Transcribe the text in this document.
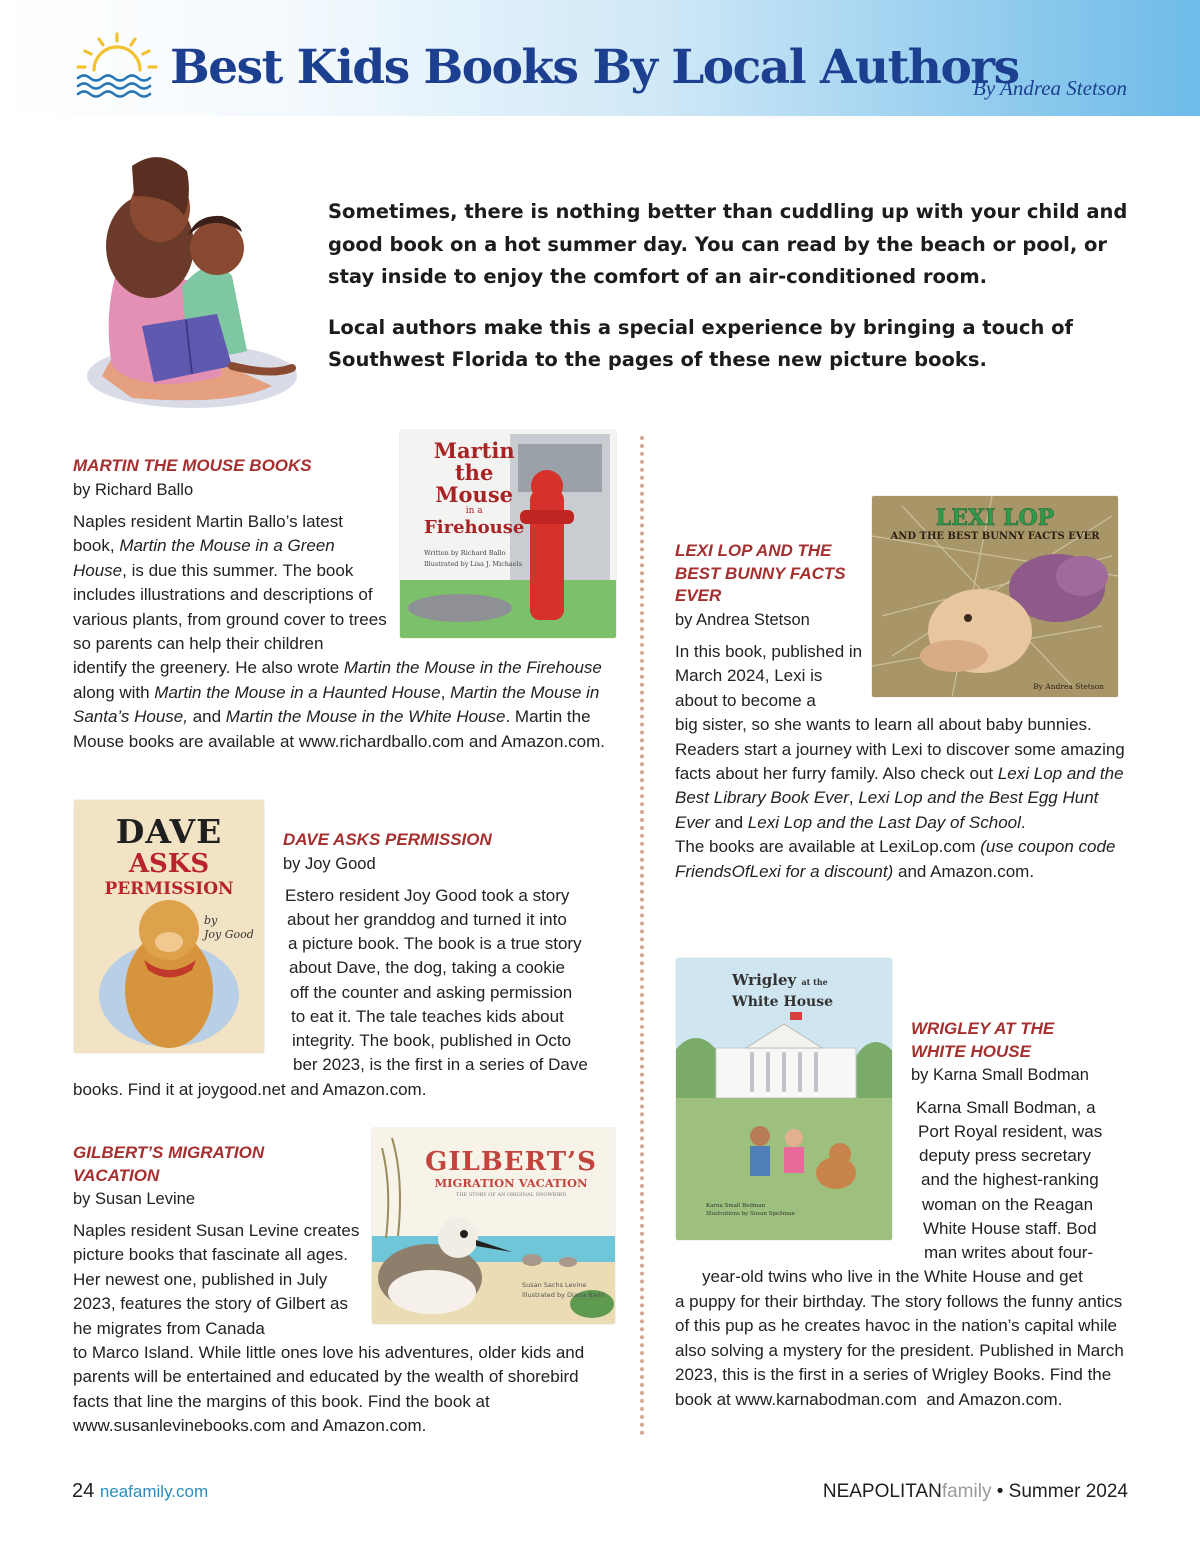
Best Kids Books By Local Authors
By Andrea Stetson

Sometimes, there is nothing better than cuddling up with your child and good book on a hot summer day. You can read by the beach or pool, or stay inside to enjoy the comfort of an air-conditioned room.

Local authors make this a special experience by bringing a touch of Southwest Florida to the pages of these new picture books.

MARTIN THE MOUSE BOOKS
by Richard Ballo
Martin
the
Mouse
in a
Firehouse
Written by Richard Ballo
Illustrated by Lisa J. Michaels
Naples resident Martin Ballo’s latest book, Martin the Mouse in a Green House, is due this summer. The book includes illustrations and descriptions of various plants, from ground cover to trees so parents can help their children
identify the greenery. He also wrote Martin the Mouse in the Firehouse along with Martin the Mouse in a Haunted House, Martin the Mouse in Santa’s House, and Martin the Mouse in the White House. Martin the Mouse books are available at www.richardballo.com and Amazon.com.
DAVE
ASKS
PERMISSION
by
Joy Good
DAVE ASKS PERMISSION
by Joy Good
Estero resident Joy Good took a story
about her granddog and turned it into
a picture book. The book is a true story
about Dave, the dog, taking a cookie
off the counter and asking permission
to eat it. The tale teaches kids about
integrity. The book, published in Octo
ber 2023, is the first in a series of Dave
books. Find it at joygood.net and Amazon.com.
GILBERT’S MIGRATION
VACATION
by Susan Levine
GILBERT’S
MIGRATION VACATION
THE STORY OF AN ORIGINAL SNOWBIRD
Susan Sachs Levine
Illustrated by Diana Biehl
Naples resident Susan Levine creates picture books that fascinate all ages. Her newest one, published in July 2023, features the story of Gilbert as he migrates from Canada
to Marco Island. While little ones love his adventures, older kids and parents will be entertained and educated by the wealth of shorebird facts that line the margins of this book. Find the book at www.susanlevinebooks.com and Amazon.com.
LEXI LOP AND THE
BEST BUNNY FACTS
EVER
by Andrea Stetson
LEXI LOP
AND THE BEST BUNNY FACTS EVER
By Andrea Stetson
In this book, published in March 2024, Lexi is about to become a
big sister, so she wants to learn all about baby bunnies. Readers start a journey with Lexi to discover some amazing facts about her furry family. Also check out Lexi Lop and the Best Library Book Ever, Lexi Lop and the Best Egg Hunt Ever and Lexi Lop and the Last Day of School.
The books are available at LexiLop.com (use coupon code FriendsOfLexi for a discount) and Amazon.com.
Wrigley at the
White House
Karna Small Bodman
Illustrations by Susan Spellman
WRIGLEY AT THE
WHITE HOUSE
by Karna Small Bodman
Karna Small Bodman, a
Port Royal resident, was
deputy press secretary
and the highest-ranking
woman on the Reagan
White House staff. Bod
man writes about four-
year-old twins who live in the White House and get
a puppy for their birthday. The story follows the funny antics of this pup as he creates havoc in the nation’s capital while also solving a mystery for the president. Published in March 2023, this is the first in a series of Wrigley Books. Find the book at www.karnabodman.com  and Amazon.com.
24 neafamily.com	NEAPOLITANfamily • Summer 2024
